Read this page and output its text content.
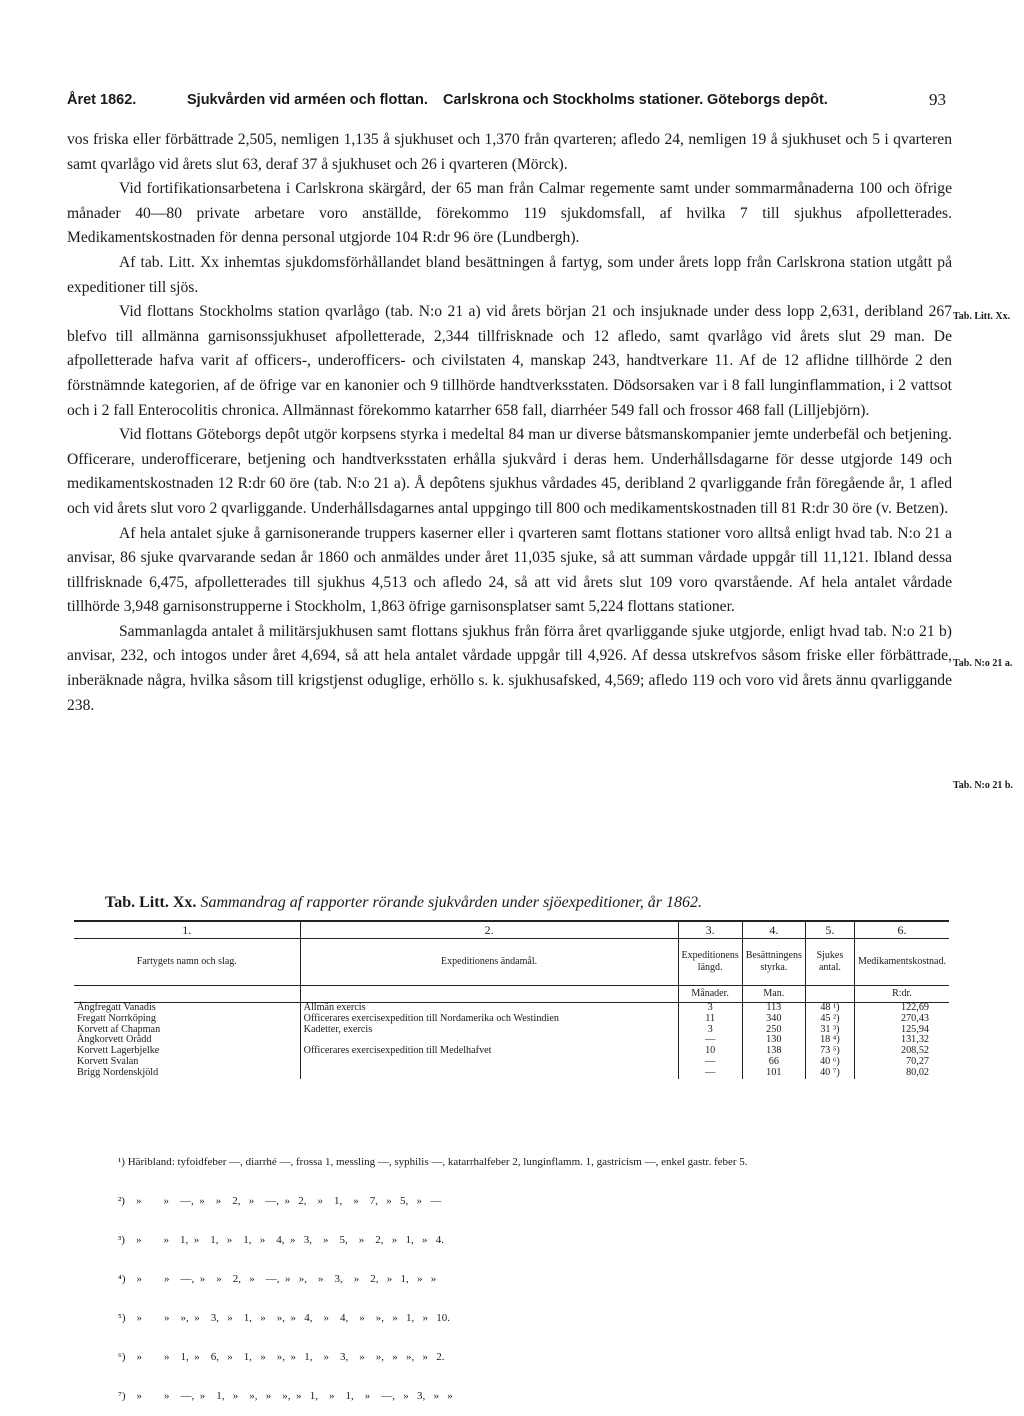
Året 1862.	Sjukvården vid arméen och flottan. Carlskrona och Stockholms stationer. Göteborgs depôt.	93

vos friska eller förbättrade 2,505, nemligen 1,135 å sjukhuset och 1,370 från qvarteren; afledo 24, nemligen 19 å sjukhuset och 5 i qvarteren samt qvarlågo vid årets slut 63, deraf 37 å sjukhuset och 26 i qvarteren (Mörck).

Vid fortifikationsarbetena i Carlskrona skärgård, der 65 man från Calmar regemente samt under sommarmånaderna 100 och öfrige månader 40—80 private arbetare voro anställde, förekommo 119 sjukdomsfall, af hvilka 7 till sjukhus afpolletterades. Medikamentskostnaden för denna personal utgjorde 104 R:dr 96 öre (Lundbergh).

Af tab. Litt. Xx inhemtas sjukdomsförhållandet bland besättningen å fartyg, som under årets lopp från Carlskrona station utgått på expeditioner till sjös.

Vid flottans Stockholms station qvarlågo (tab. N:o 21 a) vid årets början 21 och insjuknade under dess lopp 2,631, deribland 267 blefvo till allmänna garnisonssjukhuset afpolletterade, 2,344 tillfrisknade och 12 afledo, samt qvarlågo vid årets slut 29 man. De afpolletterade hafva varit af officers-, underofficers- och civilstaten 4, manskap 243, handtverkare 11. Af de 12 aflidne tillhörde 2 den förstnämnde kategorien, af de öfrige var en kanonier och 9 tillhörde handtverksstaten. Dödsorsaken var i 8 fall lunginflammation, i 2 vattsot och i 2 fall Enterocolitis chronica. Allmännast förekommo katarrher 658 fall, diarrhéer 549 fall och frossor 468 fall (Lilljebjörn).

Vid flottans Göteborgs depôt utgör korpsens styrka i medeltal 84 man ur diverse båtsmanskompanier jemte underbefäl och betjening. Officerare, underofficerare, betjening och handtverksstaten erhålla sjukvård i deras hem. Underhållsdagarne för desse utgjorde 149 och medikamentskostnaden 12 R:dr 60 öre (tab. N:o 21 a). Å depôtens sjukhus vårdades 45, deribland 2 qvarliggande från föregående år, 1 afled och vid årets slut voro 2 qvarliggande. Underhållsdagarnes antal uppgingo till 800 och medikamentskostnaden till 81 R:dr 30 öre (v. Betzen).

Af hela antalet sjuke å garnisonerande truppers kaserner eller i qvarteren samt flottans stationer voro alltså enligt hvad tab. N:o 21 a anvisar, 86 sjuke qvarvarande sedan år 1860 och anmäldes under året 11,035 sjuke, så att summan vårdade uppgår till 11,121. Ibland dessa tillfrisknade 6,475, afpolletterades till sjukhus 4,513 och afledo 24, så att vid årets slut 109 voro qvarstående. Af hela antalet vårdade tillhörde 3,948 garnisonstrupperne i Stockholm, 1,863 öfrige garnisonsplatser samt 5,224 flottans stationer.

Sammanlagda antalet å militärsjukhusen samt flottans sjukhus från förra året qvarliggande sjuke utgjorde, enligt hvad tab. N:o 21 b) anvisar, 232, och intogos under året 4,694, så att hela antalet vårdade uppgår till 4,926. Af dessa utskrefvos såsom friske eller förbättrade, inberäknade några, hvilka såsom till krigstjenst oduglige, erhöllo s. k. sjukhusafsked, 4,569; afledo 119 och voro vid årets ännu qvarliggande 238.

Tab. Litt. Xx.
Tab. N:o 21 a.
Tab. N:o 21 b.
Tab. Litt. Xx. Sammandrag af rapporter rörande sjukvården under sjöexpeditioner, år 1862.
1.	2.	3.	4.	5.	6.
Fartygets namn och slag.	Expeditionens ändamål.	Expeditionens längd.	Besättningens styrka.	Sjukes antal.	Medikamentskostnad.
		Månader.	Man.		R:dr.
Ångfregatt Vanadis	Allmän exercis	3	113	48 ¹)	122,69
Fregatt Norrköping	Officerares exercisexpedition till Nordamerika och Westindien	11	340	45 ²)	270,43
Korvett af Chapman	Kadetter, exercis	3	250	31 ³)	125,94
Ångkorvett Orädd		—	130	18 ⁴)	131,32
Korvett Lagerbjelke	Officerares exercisexpedition till Medelhafvet	10	138	73 ⁵)	208,52
Korvett Svalan		—	66	40 ⁶)	70,27
Brigg Nordenskjöld		—	101	40 ⁷)	80,02

¹) Häribland: tyfoidfeber —, diarrhé —, frossa 1, messling —, syphilis —, katarrhalfeber 2, lunginflamm. 1, gastricism —, enkel gastr. feber 5.

²)    »        »    —,  »    »    2,   »    —,  »   2,    »    1,    »    7,   »   5,   »   —

³)    »        »    1,  »    1,   »    1,   »    4,  »   3,    »    5,    »    2,   »   1,   »   4.

⁴)    »        »    —,  »    »    2,   »    —,  »   »,    »    3,    »    2,   »   1,   »   »

⁵)    »        »    »,  »    3,   »    1,   »    »,  »   4,    »    4,    »    »,   »   1,   »   10.

⁶)    »        »    1,  »    6,   »    1,   »    »,  »   1,    »    3,    »    »,   »   »,   »   2.

⁷)    »        »    —,  »    1,   »    »,   »    »,  »   1,    »    1,    »    —,   »   3,   »   »
